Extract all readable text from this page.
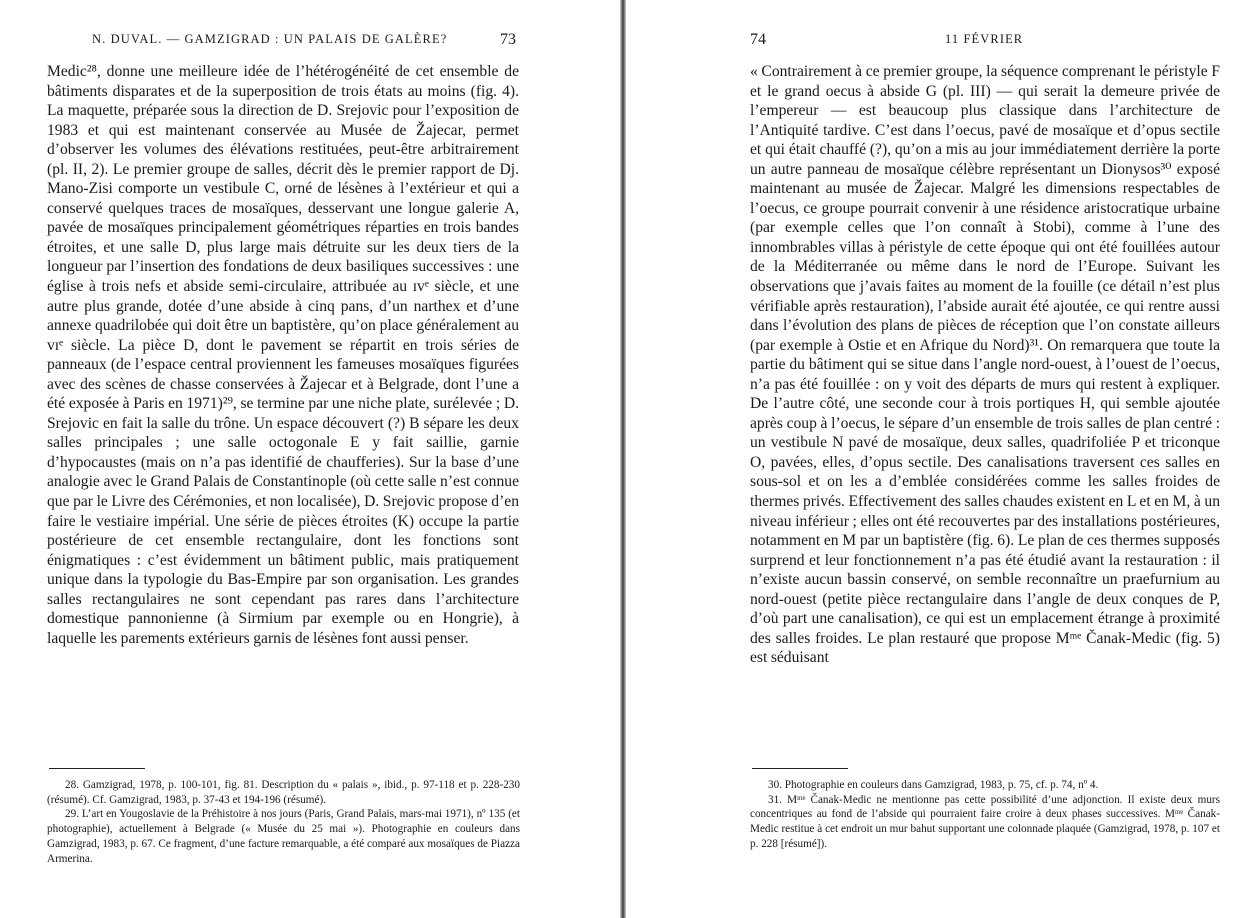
N. DUVAL. — GAMZIGRAD : UN PALAIS DE GALÈRE?	73

Medic²⁸, donne une meilleure idée de l’hétérogénéité de cet ensemble de bâtiments disparates et de la superposition de trois états au moins (fig. 4). La maquette, préparée sous la direction de D. Srejovic pour l’exposition de 1983 et qui est maintenant conservée au Musée de Žajecar, permet d’observer les volumes des élévations restituées, peut-être arbitrairement (pl. II, 2). Le premier groupe de salles, décrit dès le premier rapport de Dj. Mano-Zisi comporte un vestibule C, orné de lésènes à l’extérieur et qui a conservé quelques traces de mosaïques, desservant une longue galerie A, pavée de mosaïques principalement géométriques réparties en trois bandes étroites, et une salle D, plus large mais détruite sur les deux tiers de la longueur par l’insertion des fondations de deux basiliques successives : une église à trois nefs et abside semi-circulaire, attribuée au ɪvᵉ siècle, et une autre plus grande, dotée d’une abside à cinq pans, d’un narthex et d’une annexe quadrilobée qui doit être un baptistère, qu’on place généralement au vɪᵉ siècle. La pièce D, dont le pavement se répartit en trois séries de panneaux (de l’espace central proviennent les fameuses mosaïques figurées avec des scènes de chasse conservées à Žajecar et à Belgrade, dont l’une a été exposée à Paris en 1971)²⁹, se termine par une niche plate, surélevée ; D. Srejovic en fait la salle du trône. Un espace découvert (?) B sépare les deux salles principales ; une salle octogonale E y fait saillie, garnie d’hypocaustes (mais on n’a pas identifié de chaufferies). Sur la base d’une analogie avec le Grand Palais de Constantinople (où cette salle n’est connue que par le Livre des Cérémonies, et non localisée), D. Srejovic propose d’en faire le vestiaire impérial. Une série de pièces étroites (K) occupe la partie postérieure de cet ensemble rectangulaire, dont les fonctions sont énigmatiques : c’est évidemment un bâtiment public, mais pratiquement unique dans la typologie du Bas-Empire par son organisation. Les grandes salles rectangulaires ne sont cependant pas rares dans l’architecture domestique pannonienne (à Sirmium par exemple ou en Hongrie), à laquelle les parements extérieurs garnis de lésènes font aussi penser.

28. Gamzigrad, 1978, p. 100-101, fig. 81. Description du « palais », ibid., p. 97-118 et p. 228-230 (résumé). Cf. Gamzigrad, 1983, p. 37-43 et 194-196 (résumé).

29. L’art en Yougoslavie de la Préhistoire à nos jours (Paris, Grand Palais, mars-mai 1971), nº 135 (et photographie), actuellement à Belgrade (« Musée du 25 mai »). Photographie en couleurs dans Gamzigrad, 1983, p. 67. Ce fragment, d’une facture remarquable, a été comparé aux mosaïques de Piazza Armerina.

74	11 FÉVRIER

« Contrairement à ce premier groupe, la séquence comprenant le péristyle F et le grand oecus à abside G (pl. III) — qui serait la demeure privée de l’empereur — est beaucoup plus classique dans l’architecture de l’Antiquité tardive. C’est dans l’oecus, pavé de mosaïque et d’opus sectile et qui était chauffé (?), qu’on a mis au jour immédiatement derrière la porte un autre panneau de mosaïque célèbre représentant un Dionysos³⁰ exposé maintenant au musée de Žajecar. Malgré les dimensions respectables de l’oecus, ce groupe pourrait convenir à une résidence aristocratique urbaine (par exemple celles que l’on connaît à Stobi), comme à l’une des innombrables villas à péristyle de cette époque qui ont été fouillées autour de la Méditerranée ou même dans le nord de l’Europe. Suivant les observations que j’avais faites au moment de la fouille (ce détail n’est plus vérifiable après restauration), l’abside aurait été ajoutée, ce qui rentre aussi dans l’évolution des plans de pièces de réception que l’on constate ailleurs (par exemple à Ostie et en Afrique du Nord)³¹. On remarquera que toute la partie du bâtiment qui se situe dans l’angle nord-ouest, à l’ouest de l’oecus, n’a pas été fouillée : on y voit des départs de murs qui restent à expliquer. De l’autre côté, une seconde cour à trois portiques H, qui semble ajoutée après coup à l’oecus, le sépare d’un ensemble de trois salles de plan centré : un vestibule N pavé de mosaïque, deux salles, quadrifoliée P et triconque O, pavées, elles, d’opus sectile. Des canalisations traversent ces salles en sous-sol et on les a d’emblée considérées comme les salles froides de thermes privés. Effectivement des salles chaudes existent en L et en M, à un niveau inférieur ; elles ont été recouvertes par des installations postérieures, notamment en M par un baptistère (fig. 6). Le plan de ces thermes supposés surprend et leur fonctionnement n’a pas été étudié avant la restauration : il n’existe aucun bassin conservé, on semble reconnaître un praefurnium au nord-ouest (petite pièce rectangulaire dans l’angle de deux conques de P, d’où part une canalisation), ce qui est un emplacement étrange à proximité des salles froides. Le plan restauré que propose Mᵐᵉ Čanak-Medic (fig. 5) est séduisant

30. Photographie en couleurs dans Gamzigrad, 1983, p. 75, cf. p. 74, nº 4.

31. Mᵐᵉ Čanak-Medic ne mentionne pas cette possibilité d’une adjonction. Il existe deux murs concentriques au fond de l’abside qui pourraient faire croire à deux phases successives. Mᵐᵉ Čanak-Medic restitue à cet endroit un mur bahut supportant une colonnade plaquée (Gamzigrad, 1978, p. 107 et p. 228 [résumé]).
